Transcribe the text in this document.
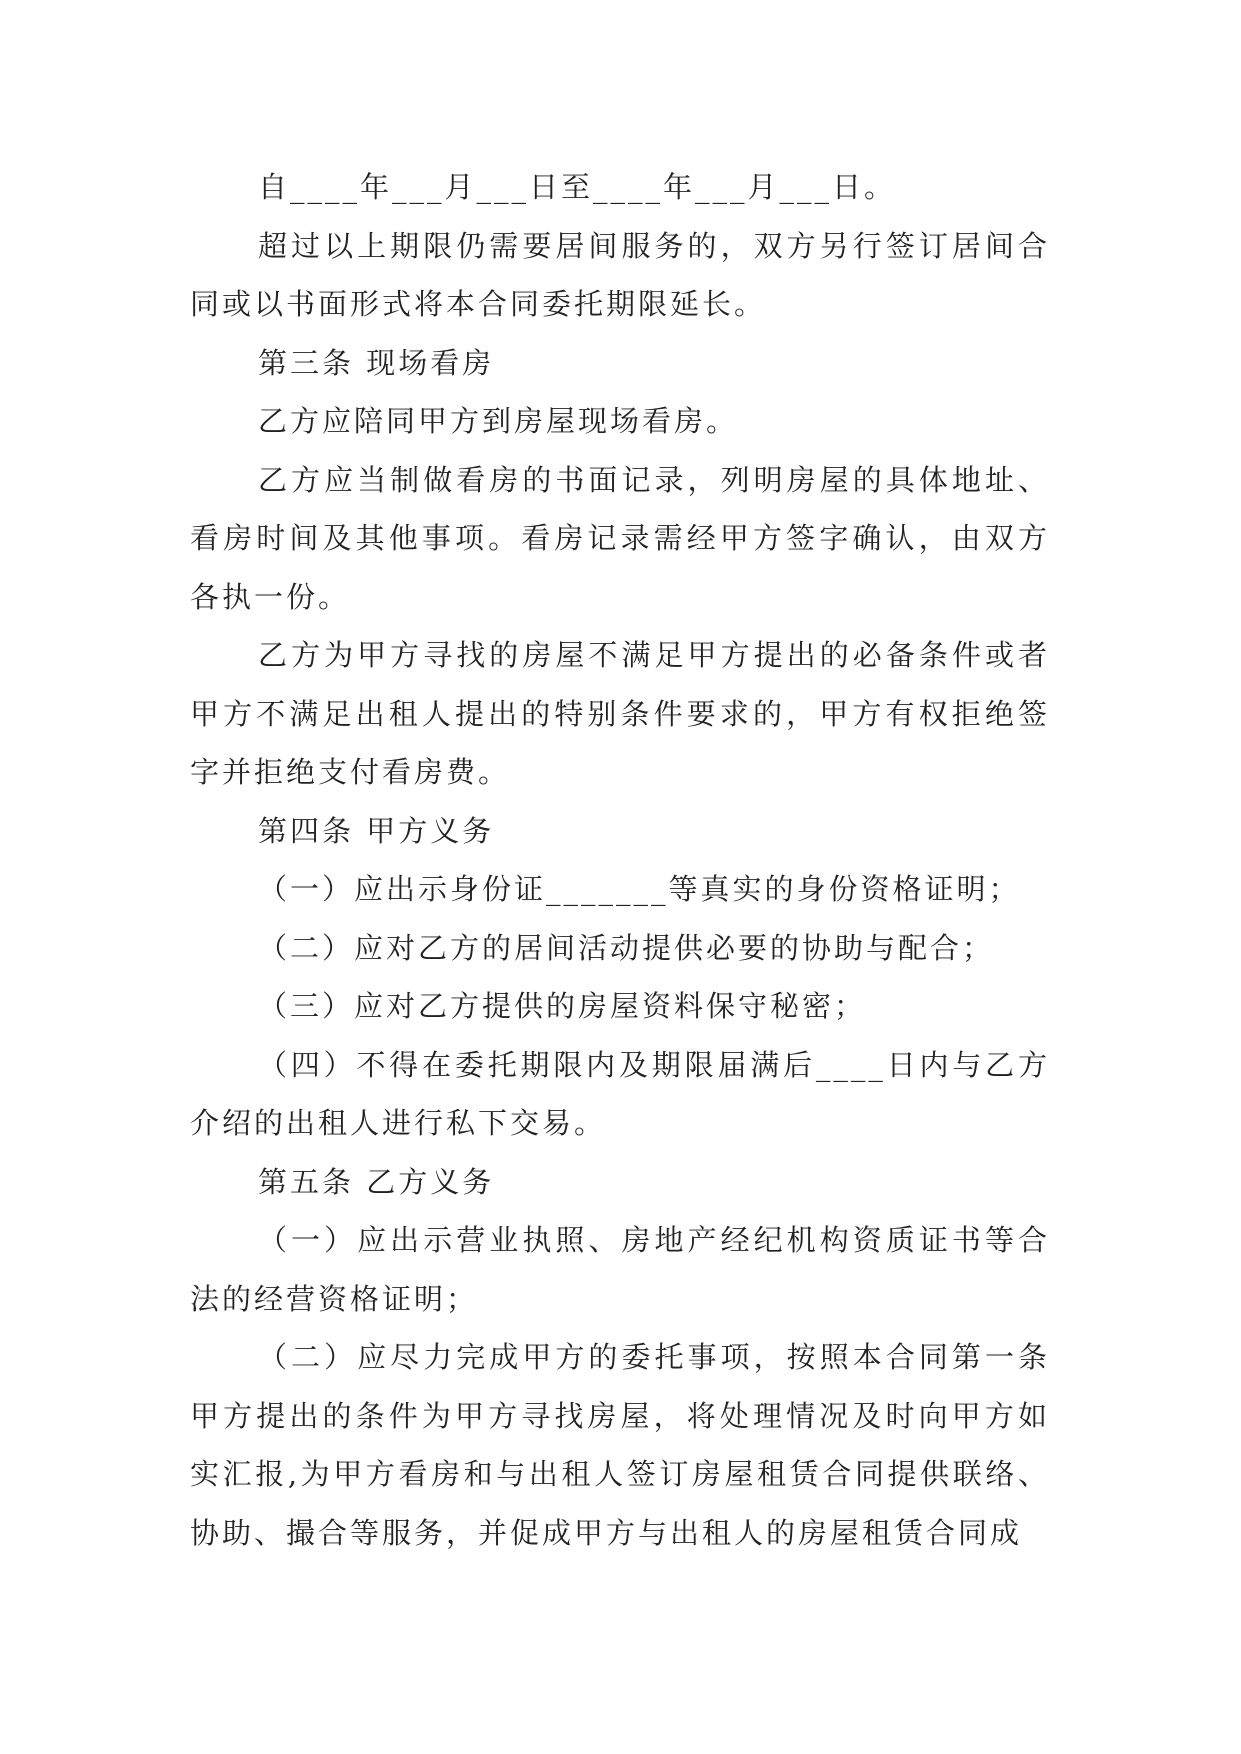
自____年___月___日至____年___月___日。

超过以上期限仍需要居间服务的，双方另行签订居间合同或以书面形式将本合同委托期限延长。

第三条 现场看房

乙方应陪同甲方到房屋现场看房。

乙方应当制做看房的书面记录，列明房屋的具体地址、看房时间及其他事项。看房记录需经甲方签字确认，由双方各执一份。

乙方为甲方寻找的房屋不满足甲方提出的必备条件或者甲方不满足出租人提出的特别条件要求的，甲方有权拒绝签字并拒绝支付看房费。

第四条 甲方义务

（一）应出示身份证_______等真实的身份资格证明；

（二）应对乙方的居间活动提供必要的协助与配合；

（三）应对乙方提供的房屋资料保守秘密；

（四）不得在委托期限内及期限届满后____日内与乙方介绍的出租人进行私下交易。

第五条 乙方义务

（一）应出示营业执照、房地产经纪机构资质证书等合法的经营资格证明；

（二）应尽力完成甲方的委托事项，按照本合同第一条甲方提出的条件为甲方寻找房屋，将处理情况及时向甲方如实汇报,为甲方看房和与出租人签订房屋租赁合同提供联络、协助、撮合等服务，并促成甲方与出租人的房屋租赁合同成
